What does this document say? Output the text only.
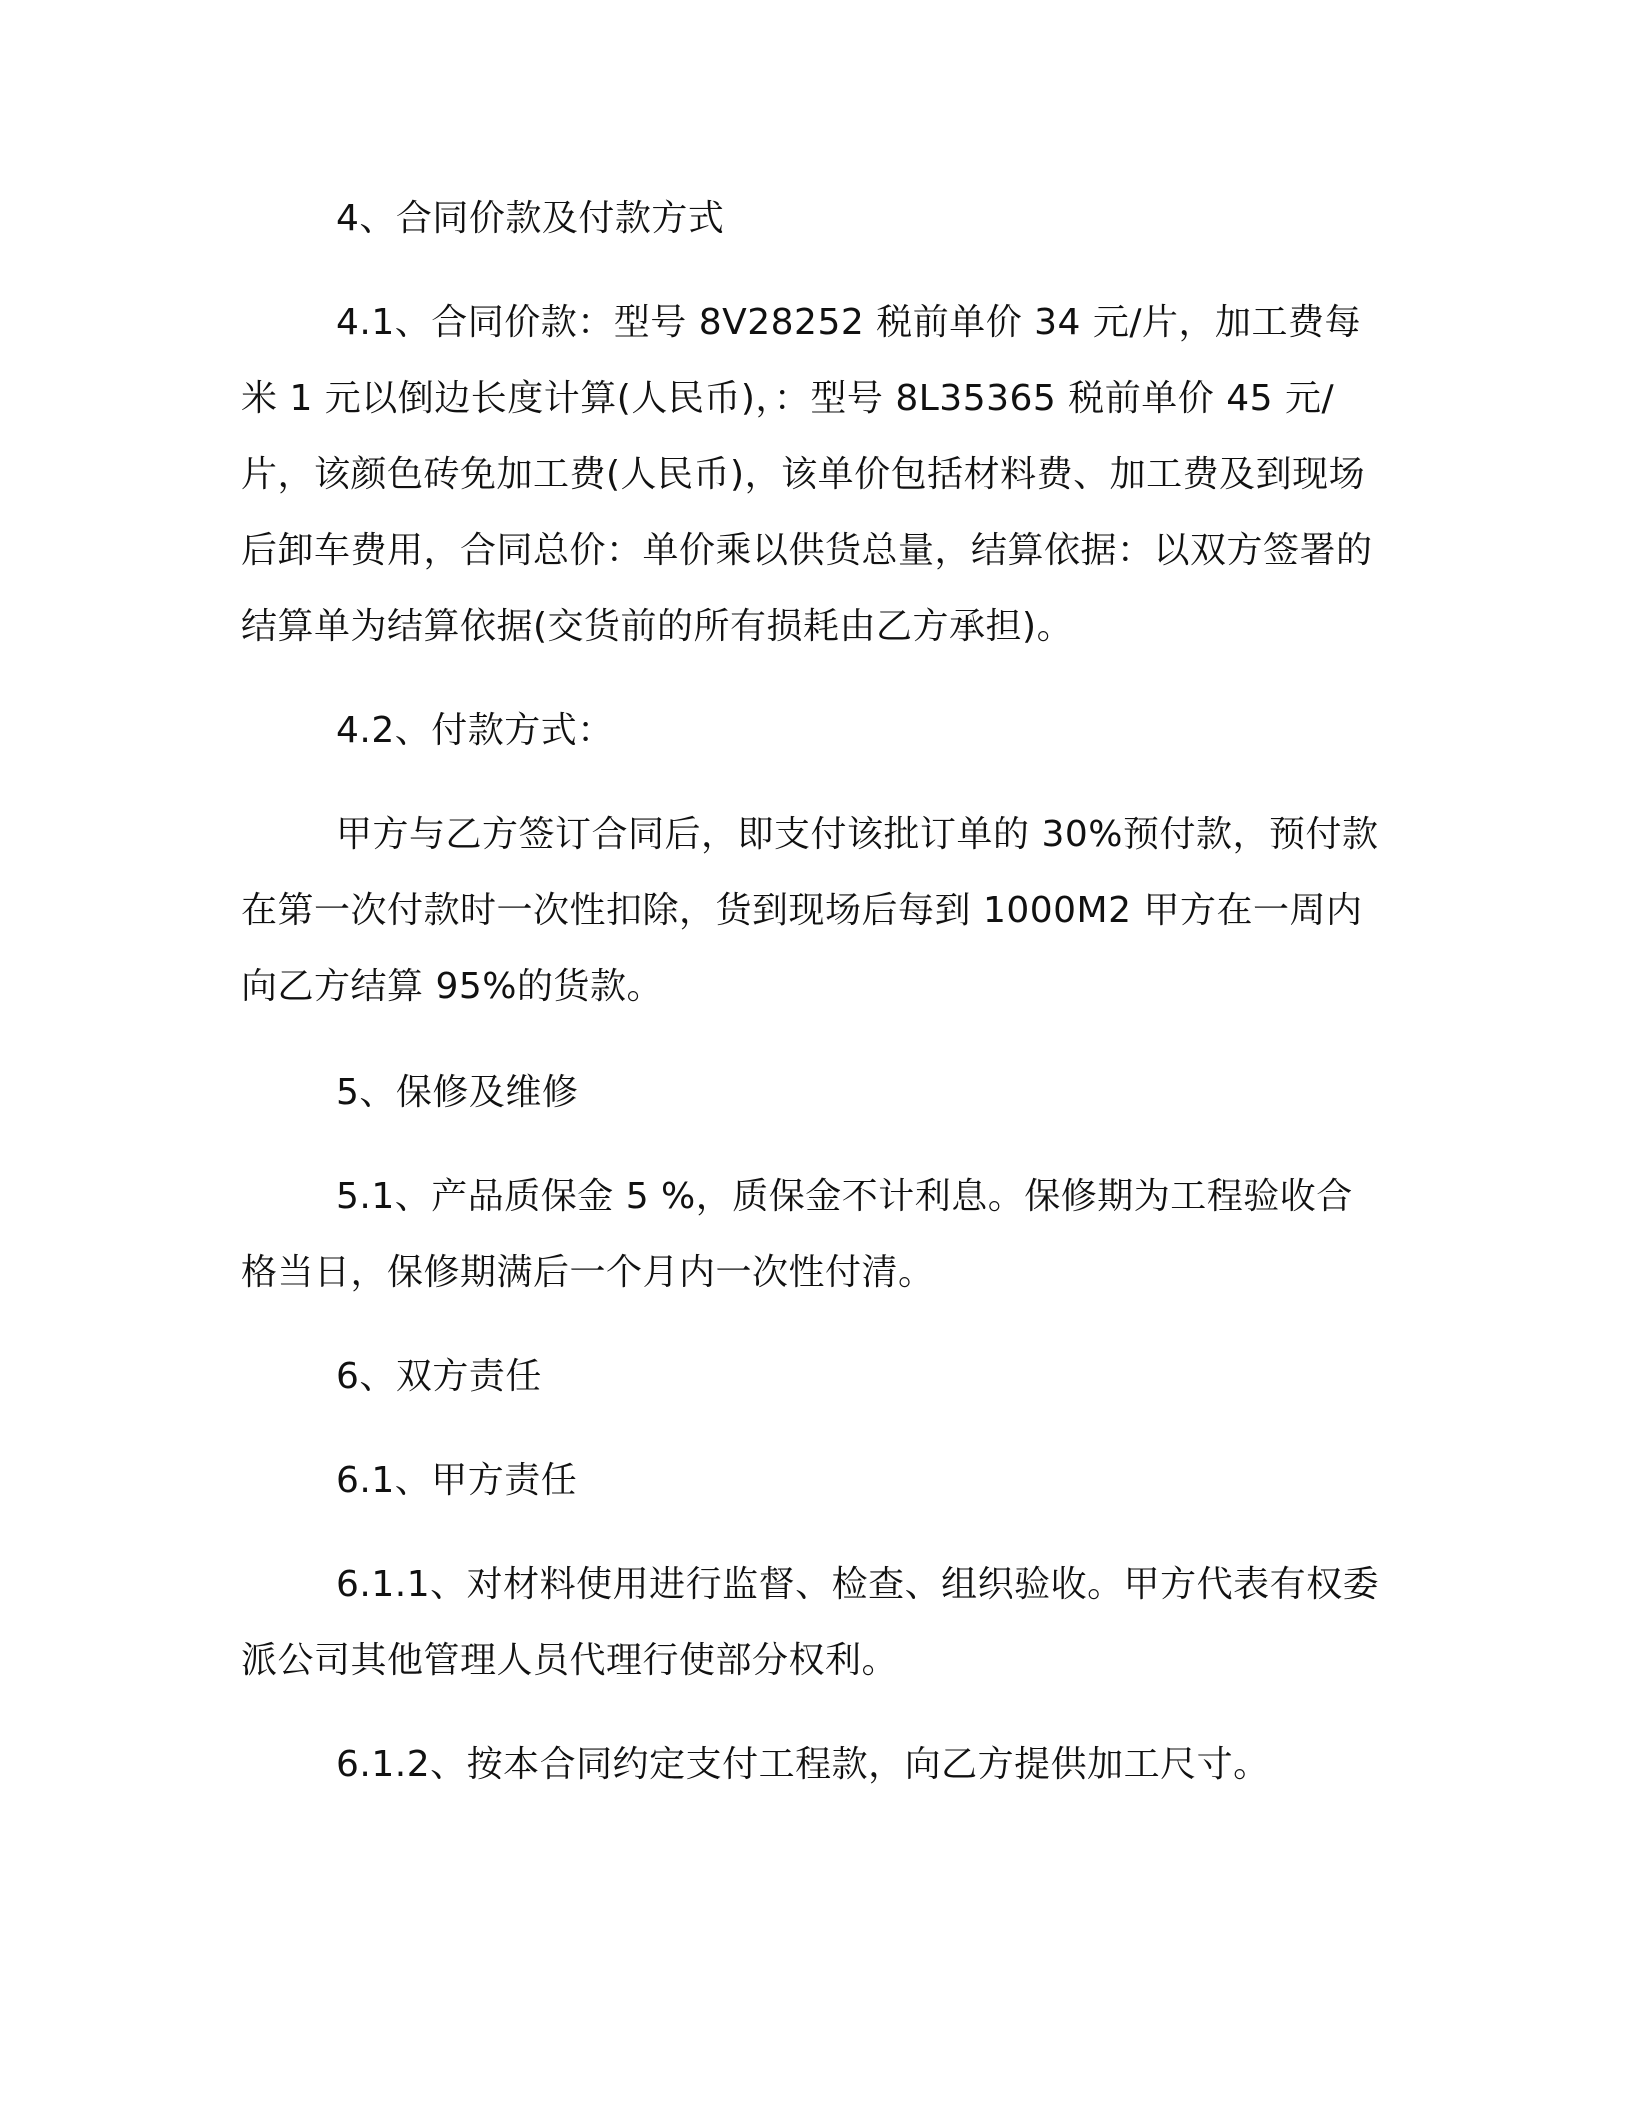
4、合同价款及付款方式

4.1、合同价款：型号 8V28252 税前单价 34 元/片，加工费每米 1 元以倒边长度计算(人民币)，：型号 8L35365 税前单价 45 元/片，该颜色砖免加工费(人民币)，该单价包括材料费、加工费及到现场后卸车费用，合同总价：单价乘以供货总量，结算依据：以双方签署的结算单为结算依据(交货前的所有损耗由乙方承担)。

4.2、付款方式：

甲方与乙方签订合同后，即支付该批订单的 30%预付款，预付款在第一次付款时一次性扣除，货到现场后每到 1000M2 甲方在一周内向乙方结算 95%的货款。

5、保修及维修

5.1、产品质保金 5 %，质保金不计利息。保修期为工程验收合格当日，保修期满后一个月内一次性付清。

6、双方责任

6.1、甲方责任

6.1.1、对材料使用进行监督、检查、组织验收。甲方代表有权委派公司其他管理人员代理行使部分权利。

6.1.2、按本合同约定支付工程款，向乙方提供加工尺寸。
